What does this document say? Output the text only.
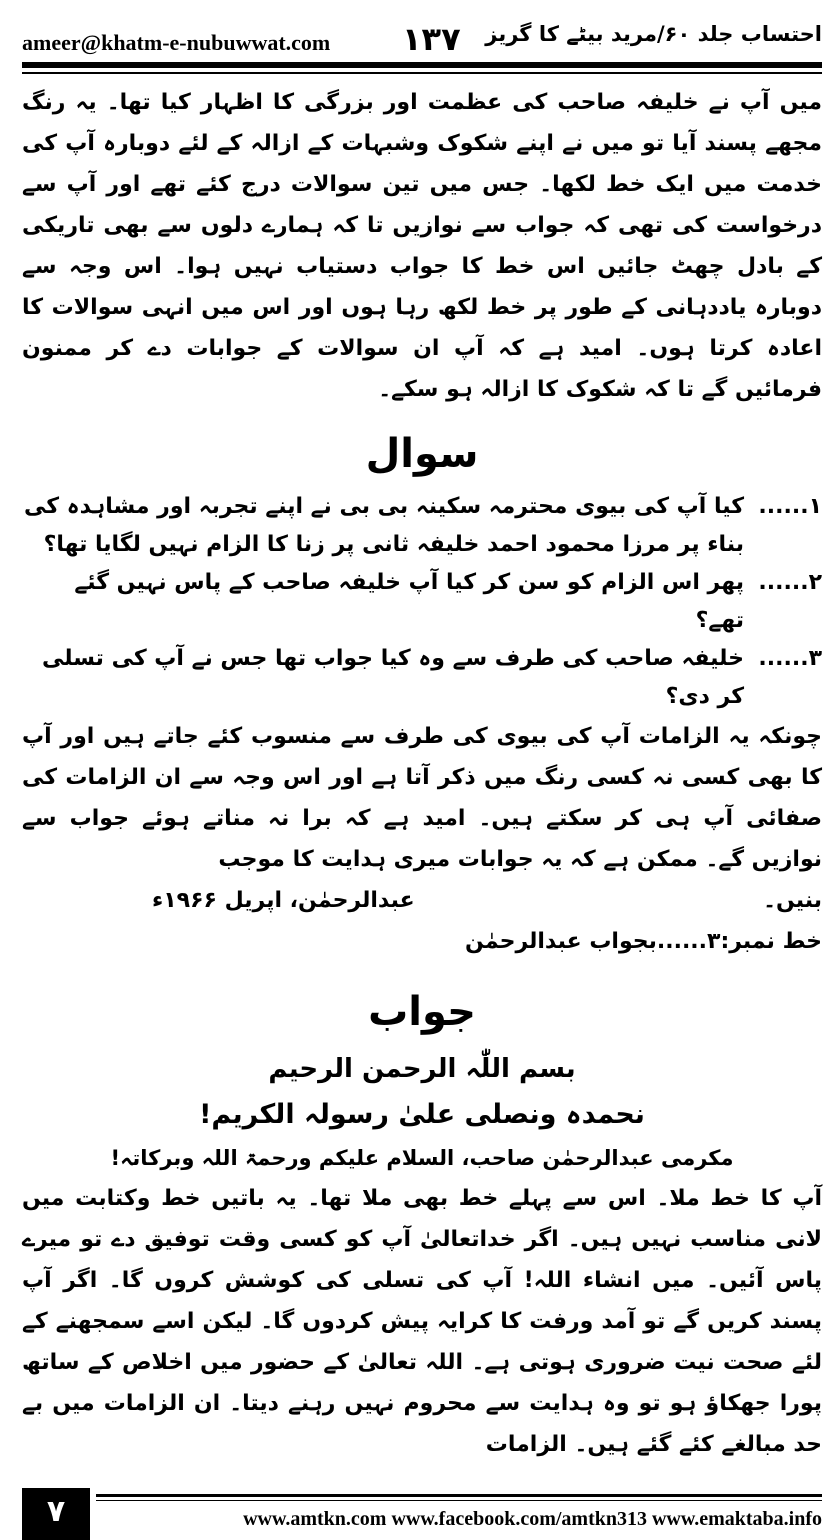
ameer@khatm-e-nubuwwat.com ۱۳۷ احتساب جلد ۶۰/مرید بیٹے کا گریز

میں آپ نے خلیفہ صاحب کی عظمت اور بزرگی کا اظہار کیا تھا۔ یہ رنگ مجھے پسند آیا تو میں نے اپنے شکوک وشبہات کے ازالہ کے لئے دوبارہ آپ کی خدمت میں ایک خط لکھا۔ جس میں تین سوالات درج کئے تھے اور آپ سے درخواست کی تھی کہ جواب سے نوازیں تا کہ ہمارے دلوں سے بھی تاریکی کے بادل چھٹ جائیں اس خط کا جواب دستیاب نہیں ہوا۔ اس وجہ سے دوبارہ یاددہانی کے طور پر خط لکھ رہا ہوں اور اس میں انہی سوالات کا اعادہ کرتا ہوں۔ امید ہے کہ آپ ان سوالات کے جوابات دے کر ممنون فرمائیں گے تا کہ شکوک کا ازالہ ہو سکے۔

سوال

۱......
کیا آپ کی بیوی محترمہ سکینہ بی بی نے اپنے تجربہ اور مشاہدہ کی بناء پر مرزا محمود احمد خلیفہ ثانی پر زنا کا الزام نہیں لگایا تھا؟

۲......
پھر اس الزام کو سن کر کیا آپ خلیفہ صاحب کے پاس نہیں گئے تھے؟

۳......
خلیفہ صاحب کی طرف سے وہ کیا جواب تھا جس نے آپ کی تسلی کر دی؟

چونکہ یہ الزامات آپ کی بیوی کی طرف سے منسوب کئے جاتے ہیں اور آپ کا بھی کسی نہ کسی رنگ میں ذکر آتا ہے اور اس وجہ سے ان الزامات کی صفائی آپ ہی کر سکتے ہیں۔ امید ہے کہ برا نہ مناتے ہوئے جواب سے نوازیں گے۔ ممکن ہے کہ یہ جوابات میری ہدایت کا موجب

بنیں۔
عبدالرحمٰن، اپریل ۱۹۶۶ء

خط نمبر:۳......بجواب عبدالرحمٰن

جواب

بسم اللّٰہ الرحمن الرحیم

نحمدہ ونصلی علیٰ رسولہ الکریم!

مکرمی عبدالرحمٰن صاحب، السلام علیکم ورحمۃ اللہ وبرکاتہ!

آپ کا خط ملا۔ اس سے پہلے خط بھی ملا تھا۔ یہ باتیں خط وکتابت میں لانی مناسب نہیں ہیں۔ اگر خداتعالیٰ آپ کو کسی وقت توفیق دے تو میرے پاس آئیں۔ میں انشاء اللہ! آپ کی تسلی کی کوشش کروں گا۔ اگر آپ پسند کریں گے تو آمد ورفت کا کرایہ پیش کردوں گا۔ لیکن اسے سمجھنے کے لئے صحت نیت ضروری ہوتی ہے۔ اللہ تعالیٰ کے حضور میں اخلاص کے ساتھ پورا جھکاؤ ہو تو وہ ہدایت سے محروم نہیں رہنے دیتا۔ ان الزامات میں بے حد مبالغے کئے گئے ہیں۔ الزامات

۷	www.amtkn.com www.facebook.com/amtkn313 www.emaktaba.info
